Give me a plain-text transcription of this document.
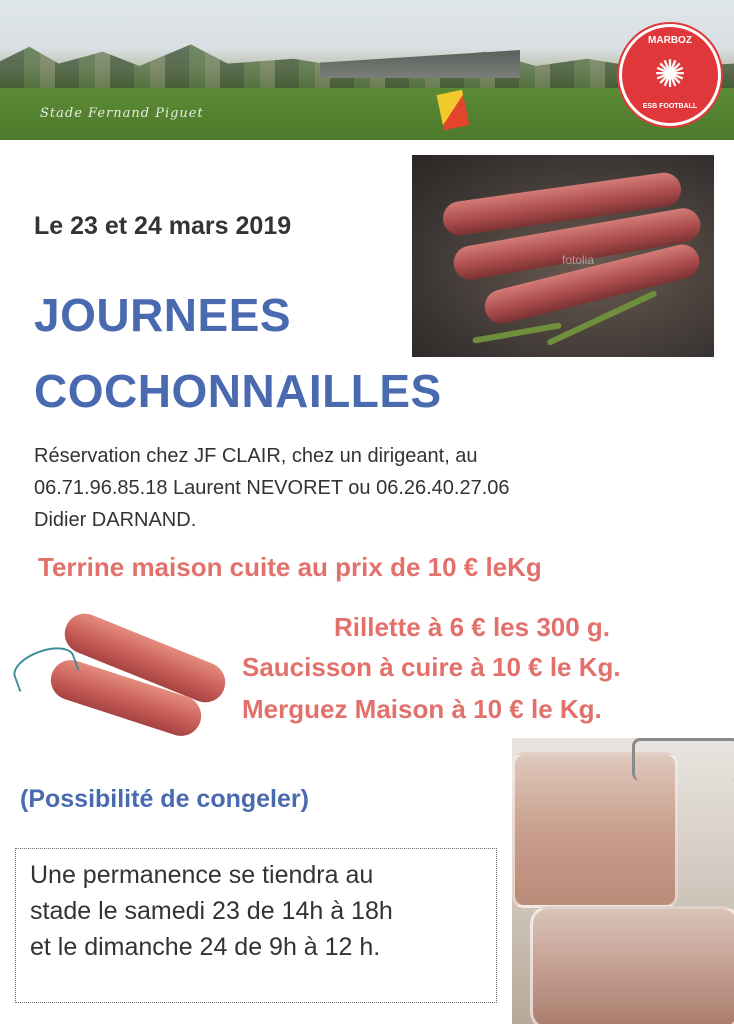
Stade Fernand Piguet
MARBOZ
✺
ESB FOOTBALL
fotolia
Le 23 et 24 mars 2019
JOURNEES
COCHONNAILLES
Réservation chez JF CLAIR, chez un dirigeant, au
06.71.96.85.18 Laurent NEVORET ou 06.26.40.27.06
Didier DARNAND.
Terrine maison cuite au prix de 10 € leKg
Rillette à 6 € les 300 g.
Saucisson à cuire à 10 € le Kg.
Merguez Maison à 10 € le Kg.
(Possibilité de congeler)
Une permanence se tiendra au
stade le samedi 23 de 14h à 18h
et le dimanche 24 de 9h à 12 h.
